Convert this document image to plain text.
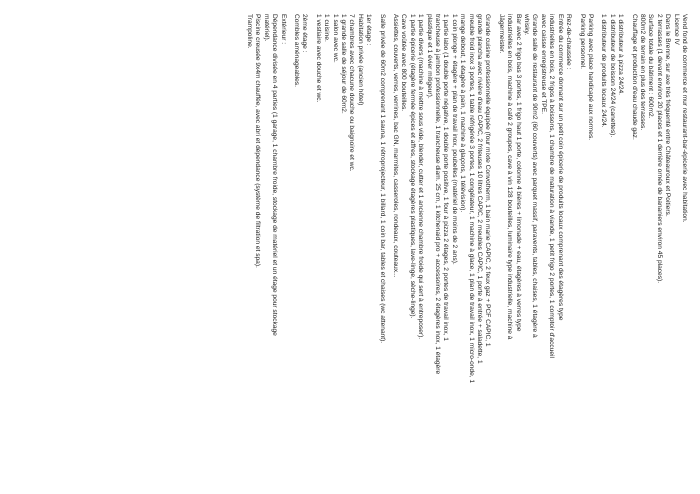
Vend fond de commerce et mur restaurant-bar-épicerie avec habitation.
Licence IV
Dans le Brenne, sur axe très fréquenté entre Châteauroux et Poitiers.
2 terrasses (1 devant environ 20 places et 1 derrière ornée de bananiers environ 45 places).
Surface totale du bâtiment : 600m2.
800m2 de terrain en plus des terrasses.
Chauffage et production d'eau chaude gaz.
1 distributeur à pizza 24/24.
1 distributeur de boisson 24/24 (canettes).
1 distributeur de produits locaux 24/24.
Parking avec place handicapé aux normes.
Parking personnel.
Rez-de-chaussée :
Entrée du commerce donnant sur un petit coin épicerie de produits locaux comprenant des étagères type
industrielles en bois, 2 frigos à boissons, 1 chambre de maturation à viande, 1 petit frigo 2 portes, 1 comptoir d'accueil
avec caisse enregistreuse et TPE.
Grande salle de restaurant de 90m2 (60 couverts) avec parquet massif, paravents, tables, chaises, 1 étagère à
whisky.
Bar avec 2 frigo bas 3 portes, 1 frigo haut 1 porte, colonne 4 bières + limonade + eau, étagères à verres type
industrielles en bois, machine à café 2 groupes, cave à vin 128 bouteilles, luminaire type industrielle, machine à
Jägermeister.
Grande cuisine professionnelle équipée (four mixte Convotherm, 1 bain marie CAPIC, 2 feux gaz + PCF CAPIC, 1
grande plancha avec rivière d'eau CAPIC, 2 friteuses 10 litres CAPIC, 2 meubles CAPIC, 1 porte à entrée + saladette, 1
meuble froid inox 3 portes, 1 table réfrigérée 3 portes, 1 congélateur, 1 machine à glace, 1 plan de travail inox, 1 micro-onde, 1
mange debout, 1 étagère à pain, 1 machine à glaçons, 1 télévision).
1 coin plonge + étagère + plan de travail inox, poubelles (matériel de moins de 2 ans).
1 partie labo (1 double porte négative, 1 double porte positive, 1 four à pizza 2 étages, 2 portes de travail inox, 1
trancheuse à jambon professionnelle, 1 trancheuse diam. 25 cm, 1 kitchenaid pro + accessoires, 2 étagères inox, 1 étagère
plastique et 1 évier mitigeur).
1 partie divers (machine à mettre sous vide, blender, cutter et 1 ancienne chambre froide qui sert à entreposer).
1 partie épicerie (étagère fermée épices et affres, stockage étagères plastiques, lave-linge, sèche-linge).
Cave voûtée avec 800 bouteilles.
Assiettes, couverts, verres, verrines, bac GN, marmites, casseroles, rondeaux, couteaux...
Salle privée de 60m2 comprenant 1 sauna, 1 rétroprojecteur, 1 billard, 1 coin bar, tables et chaises (wc attenant).
1er étage :
Habitation privée (ancien hôtel)
7 chambres avec chacune douche ou baignoire et wc.
1 grande salle de séjour de 60m2.
1 salon avec wc.
1 cuisine.
1 vestiaire avec douche et wc.
2ème étage :
Combles aménageables.
Extérieur :
Dépendance divisée en 4 parties (1 garage, 1 chambre froide, stockage de matériel et un étage pour stockage
matériel).
Piscine creusée 9x4m chauffée, avec abri et dépendance (système de filtration et spa).
Trampoline.
